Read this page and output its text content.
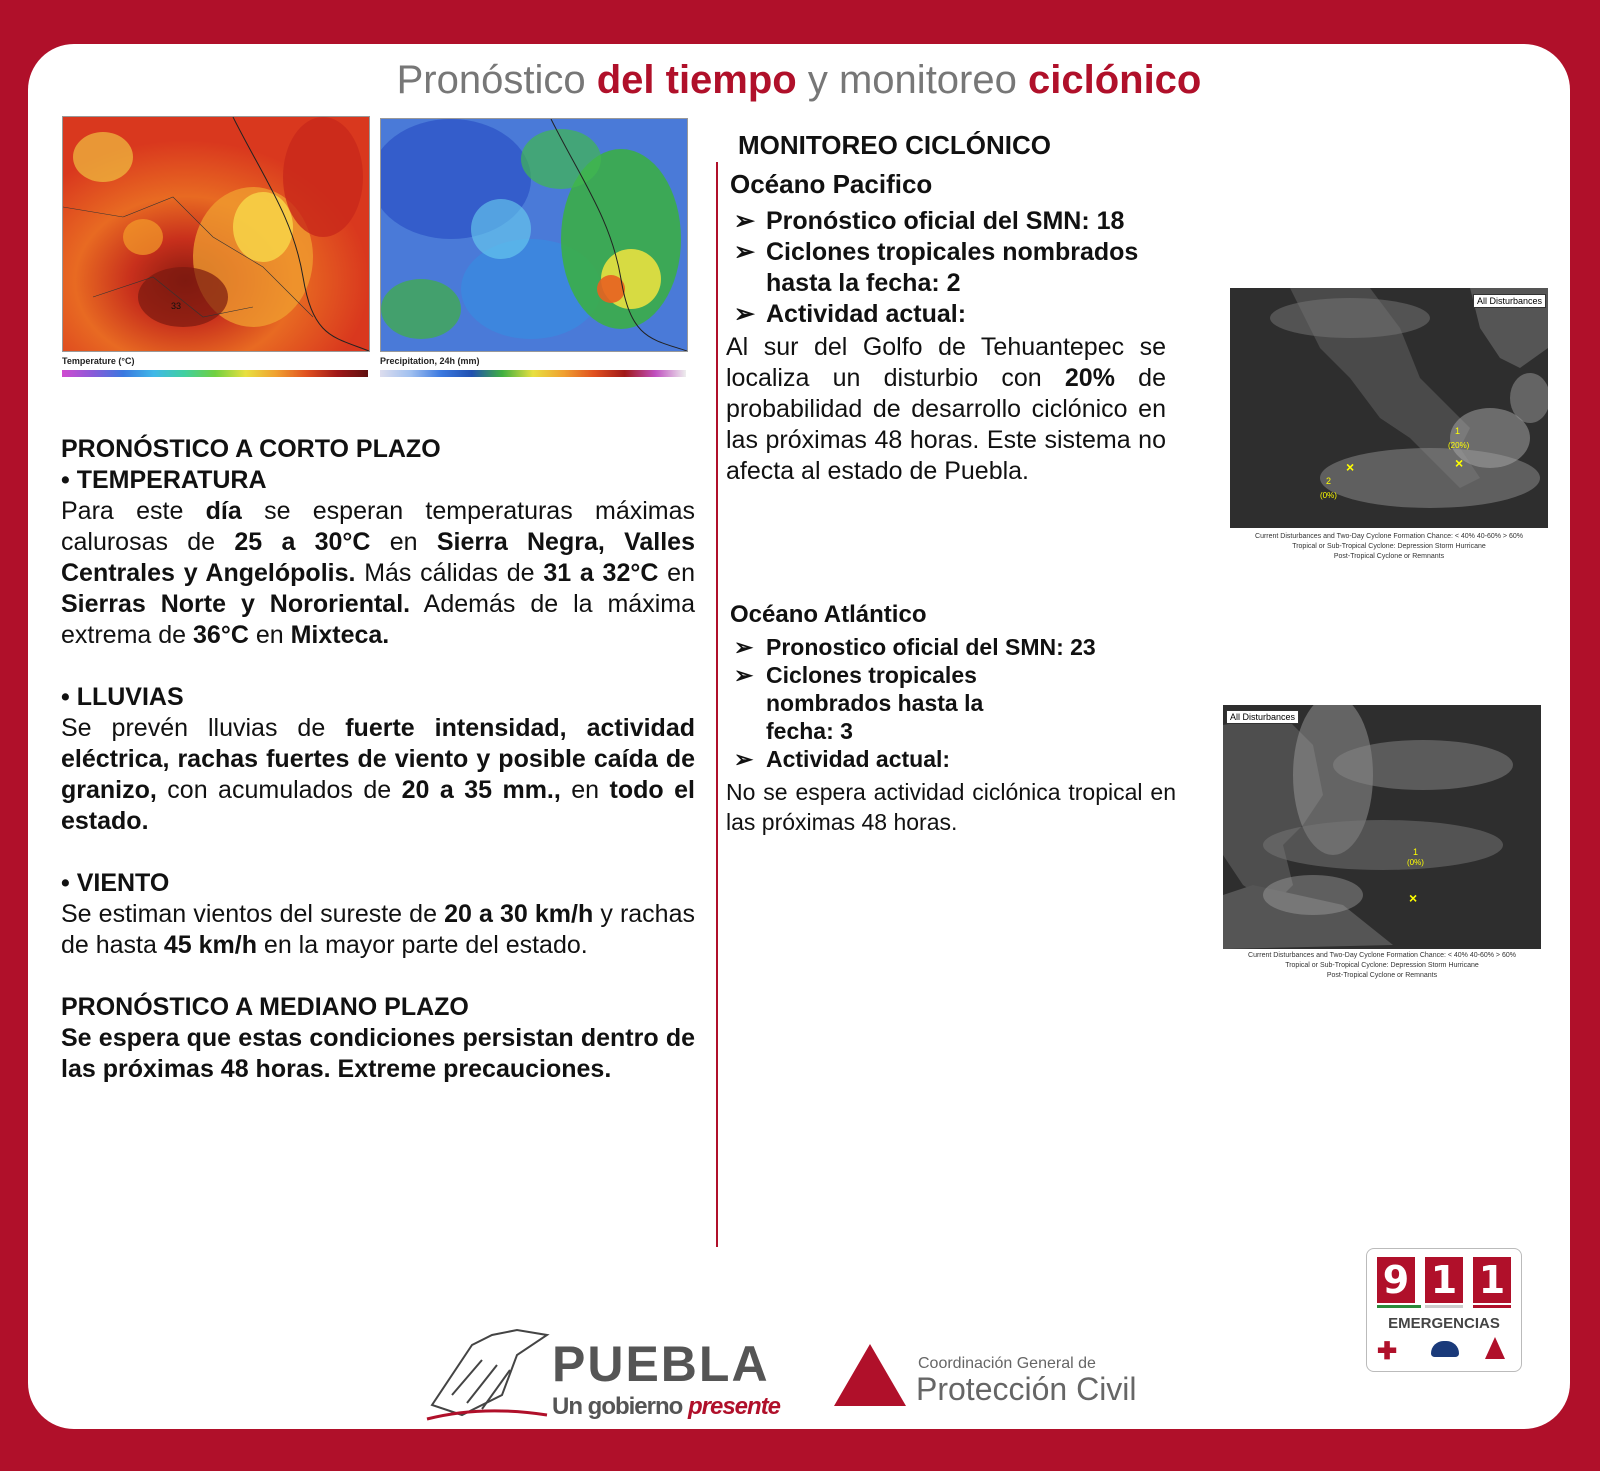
Pronóstico del tiempo y monitoreo ciclónico
33
Temperature (°C)	Precipitation, 24h (mm)
PRONÓSTICO A CORTO PLAZO
• TEMPERATURA

Para este día se esperan temperaturas máximas calurosas de 25 a 30°C en Sierra Negra, Valles Centrales y Angelópolis. Más cálidas de 31 a 32°C en Sierras Norte y Nororiental. Además de la máxima extrema de 36°C en Mixteca.

• LLUVIAS

Se prevén lluvias de fuerte intensidad, actividad eléctrica, rachas fuertes de viento y posible caída de granizo, con acumulados de 20 a 35 mm., en todo el estado.

• VIENTO

Se estiman vientos del sureste de 20 a 30 km/h y rachas de hasta 45 km/h en la mayor parte del estado.

PRONÓSTICO A MEDIANO PLAZO

Se espera que estas condiciones persistan dentro de las próximas 48 horas. Extreme precauciones.

MONITOREO CICLÓNICO
Océano Pacifico
➢ Pronóstico oficial del SMN: 18
➢ Ciclones tropicales nombrados hasta la fecha: 2
➢ Actividad actual:

Al sur del Golfo de Tehuantepec se localiza un disturbio con 20% de probabilidad de desarrollo ciclónico en las próximas 48 horas. Este sistema no afecta al estado de Puebla.	×	×
1
(20%)
2
(0%)
All Disturbances
Current Disturbances and Two-Day Cyclone Formation Chance: < 40% 40-60% > 60%
Tropical or Sub-Tropical Cyclone: Depression Storm Hurricane
Post-Tropical Cyclone or Remnants
Océano Atlántico
➢ Pronostico oficial del SMN: 23
➢ Ciclones tropicales nombrados hasta la fecha: 3
➢ Actividad actual:

No se espera actividad ciclónica tropical en las próximas 48 horas.

×
1
(0%)
All Disturbances
Current Disturbances and Two-Day Cyclone Formation Chance: < 40% 40-60% > 60%
Tropical or Sub-Tropical Cyclone: Depression Storm Hurricane
Post-Tropical Cyclone or Remnants
9 1 1
EMERGENCIAS
✚
PUEBLA
Un gobierno presente
Coordinación General de
Protección Civil
